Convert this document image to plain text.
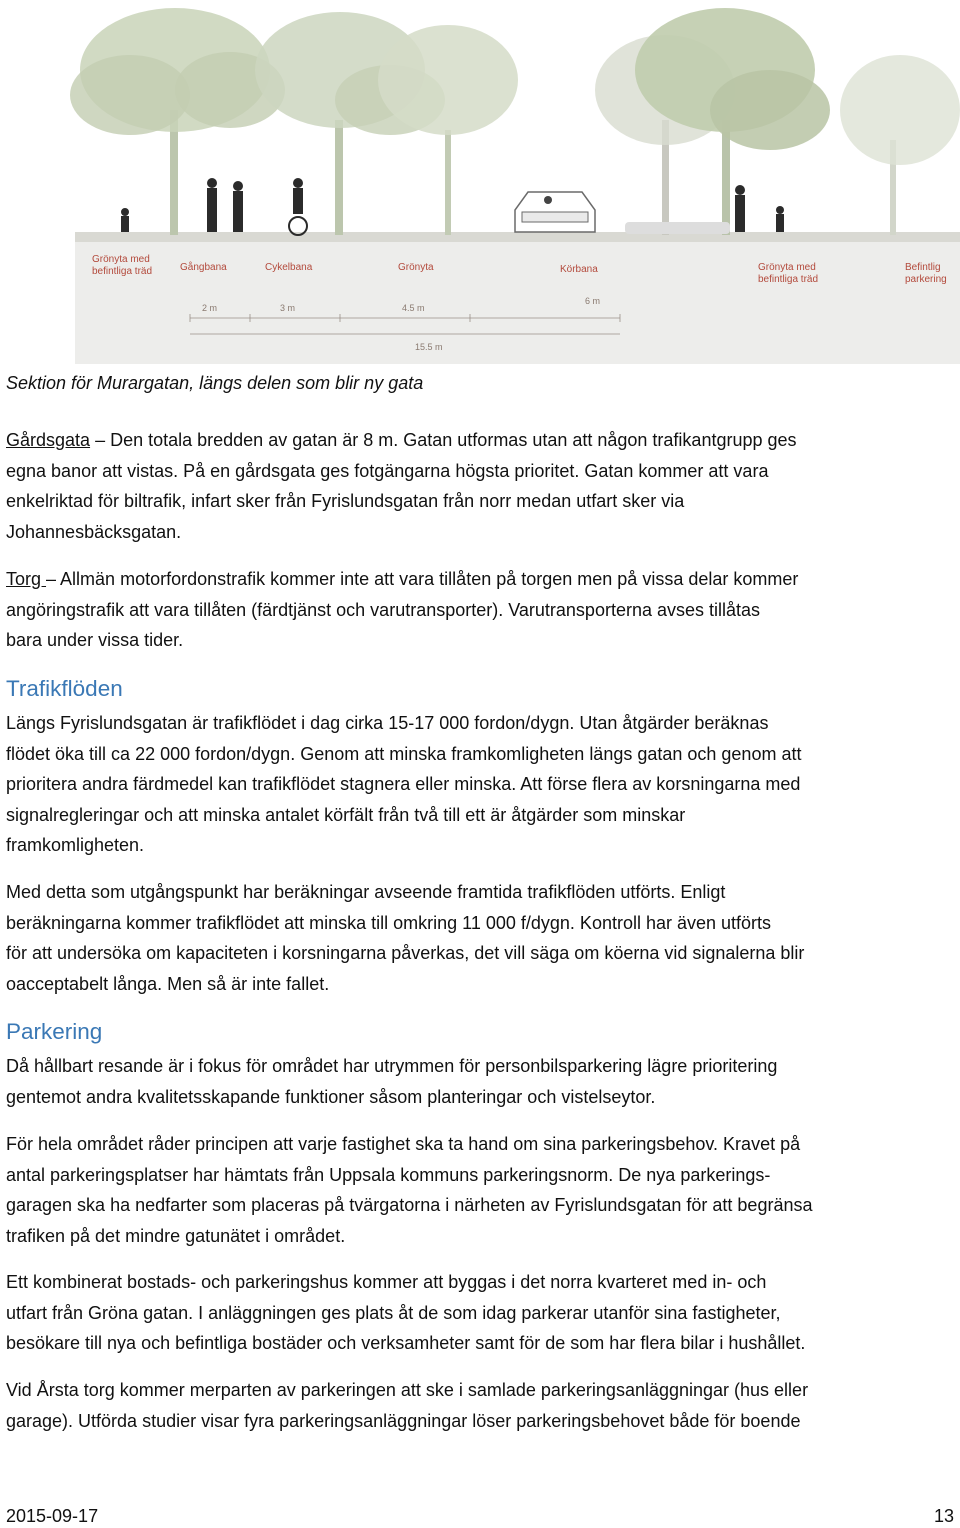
Grönyta med
befintliga träd	Gångbana	Cykelbana	Grönyta	Körbana	Grönyta med
befintliga träd
Befintlig
parkering
2 m	3 m	4.5 m
6 m
15.5 m
Sektion för Murargatan, längs delen som blir ny gata

Gårdsgata – Den totala bredden av gatan är 8 m. Gatan utformas utan att någon trafikantgrupp ges
egna banor att vistas. På en gårdsgata ges fotgängarna högsta prioritet. Gatan kommer att vara
enkelriktad för biltrafik, infart sker från Fyrislundsgatan från norr medan utfart sker via
Johannesbäcksgatan.

Torg – Allmän motorfordonstrafik kommer inte att vara tillåten på torgen men på vissa delar kommer
angöringstrafik att vara tillåten (färdtjänst och varutransporter). Varutransporterna avses tillåtas
bara under vissa tider.

Trafikflöden

Längs Fyrislundsgatan är trafikflödet i dag cirka 15-17 000 fordon/dygn. Utan åtgärder beräknas
flödet öka till ca 22 000 fordon/dygn. Genom att minska framkomligheten längs gatan och genom att
prioritera andra färdmedel kan trafikflödet stagnera eller minska. Att förse flera av korsningarna med
signalregleringar och att minska antalet körfält från två till ett är åtgärder som minskar
framkomligheten.

Med detta som utgångspunkt har beräkningar avseende framtida trafikflöden utförts. Enligt
beräkningarna kommer trafikflödet att minska till omkring 11 000 f/dygn. Kontroll har även utförts
för att undersöka om kapaciteten i korsningarna påverkas, det vill säga om köerna vid signalerna blir
oacceptabelt långa. Men så är inte fallet.

Parkering

Då hållbart resande är i fokus för området har utrymmen för personbilsparkering lägre prioritering
gentemot andra kvalitetsskapande funktioner såsom planteringar och vistelseytor.

För hela området råder principen att varje fastighet ska ta hand om sina parkeringsbehov. Kravet på
antal parkeringsplatser har hämtats från Uppsala kommuns parkeringsnorm. De nya parkerings-
garagen ska ha nedfarter som placeras på tvärgatorna i närheten av Fyrislundsgatan för att begränsa
trafiken på det mindre gatunätet i området.

Ett kombinerat bostads- och parkeringshus kommer att byggas i det norra kvarteret med in- och
utfart från Gröna gatan. I anläggningen ges plats åt de som idag parkerar utanför sina fastigheter,
besökare till nya och befintliga bostäder och verksamheter samt för de som har flera bilar i hushållet.

Vid Årsta torg kommer merparten av parkeringen att ske i samlade parkeringsanläggningar (hus eller
garage). Utförda studier visar fyra parkeringsanläggningar löser parkeringsbehovet både för boende

2015-09-17	13
